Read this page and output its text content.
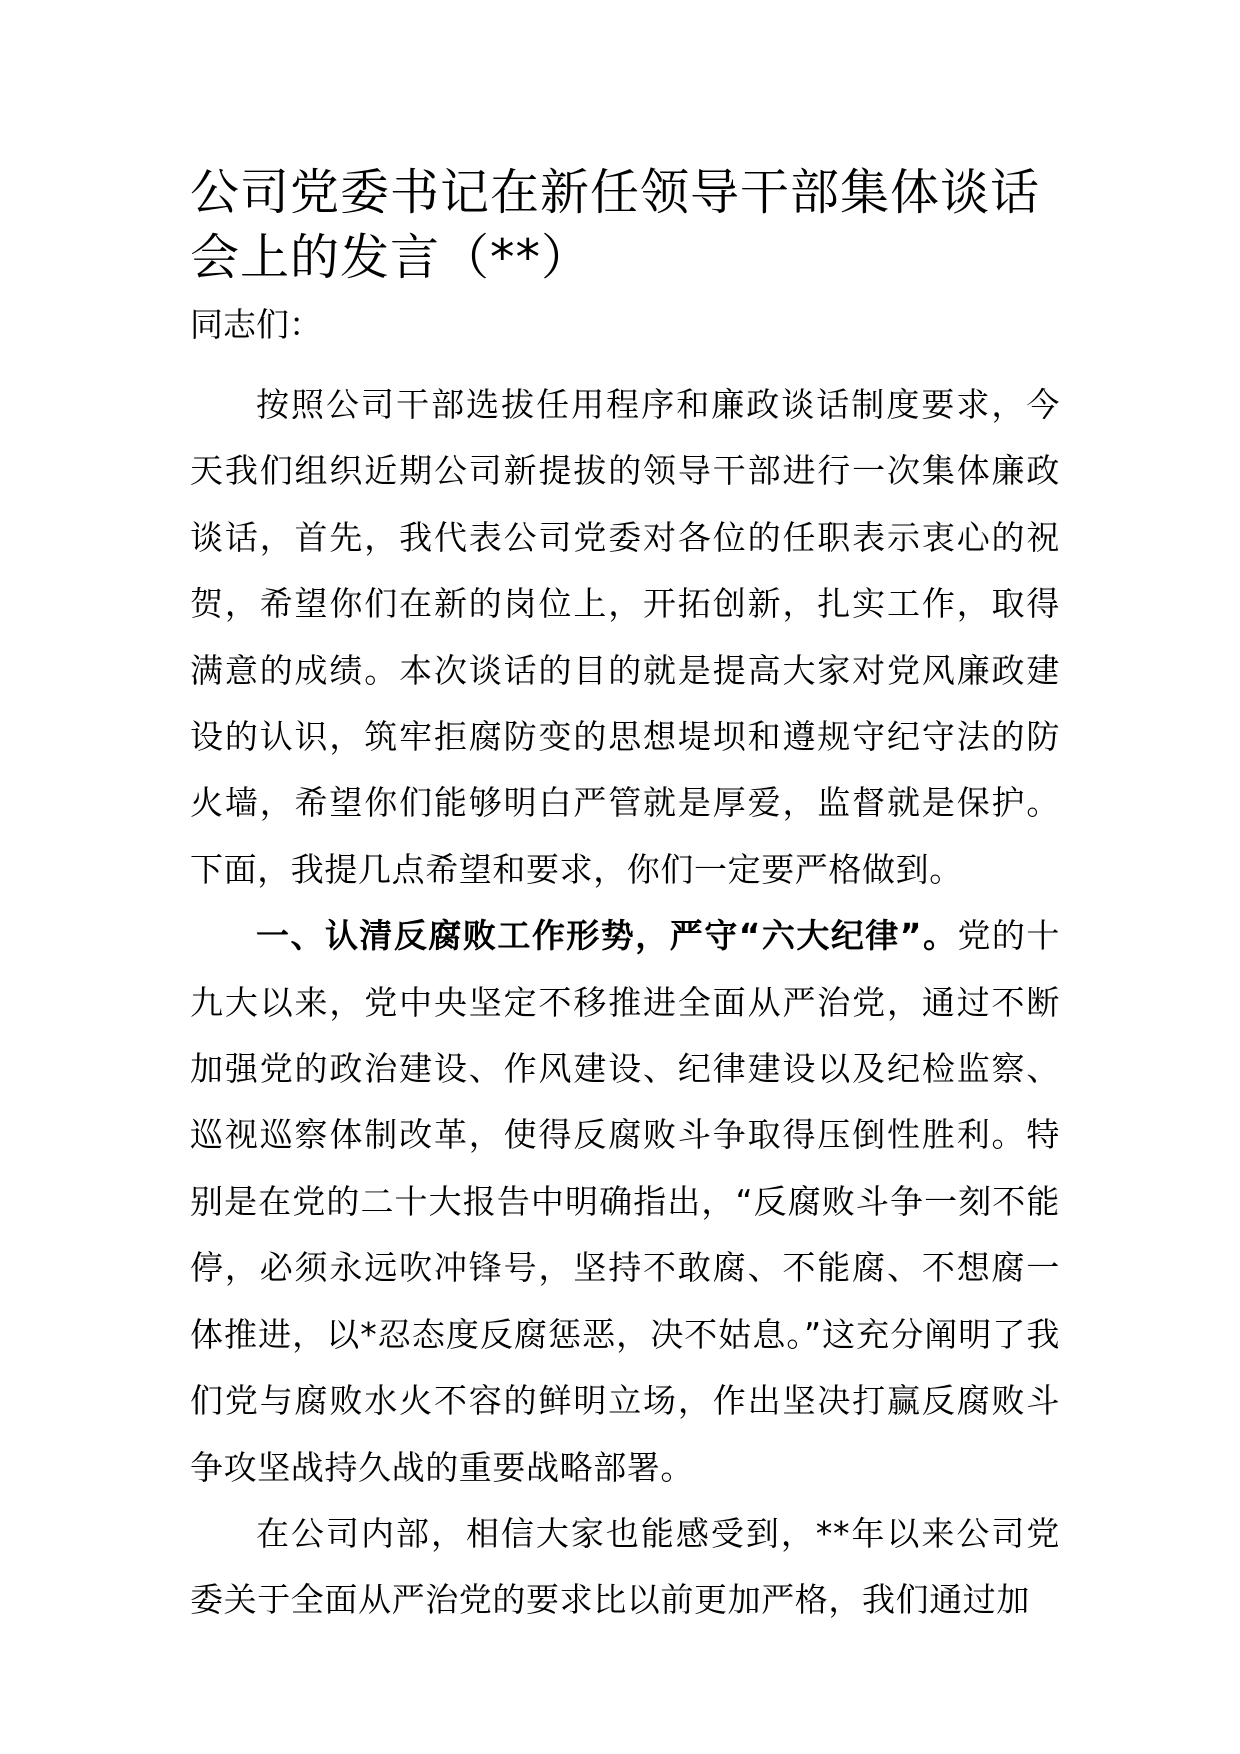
公司党委书记在新任领导干部集体谈话会上的发言（**）

同志们：

按照公司干部选拔任用程序和廉政谈话制度要求，今天我们组织近期公司新提拔的领导干部进行一次集体廉政谈话，首先，我代表公司党委对各位的任职表示衷心的祝贺，希望你们在新的岗位上，开拓创新，扎实工作，取得满意的成绩。本次谈话的目的就是提高大家对党风廉政建设的认识，筑牢拒腐防变的思想堤坝和遵规守纪守法的防火墙，希望你们能够明白严管就是厚爱，监督就是保护。下面，我提几点希望和要求，你们一定要严格做到。

一、认清反腐败工作形势，严守“六大纪律”。党的十九大以来，党中央坚定不移推进全面从严治党，通过不断加强党的政治建设、作风建设、纪律建设以及纪检监察、巡视巡察体制改革，使得反腐败斗争取得压倒性胜利。特别是在党的二十大报告中明确指出，“反腐败斗争一刻不能停，必须永远吹冲锋号，坚持不敢腐、不能腐、不想腐一体推进，以*忍态度反腐惩恶，决不姑息。”这充分阐明了我们党与腐败水火不容的鲜明立场，作出坚决打赢反腐败斗争攻坚战持久战的重要战略部署。

在公司内部，相信大家也能感受到，**年以来公司党委关于全面从严治党的要求比以前更加严格，我们通过加
